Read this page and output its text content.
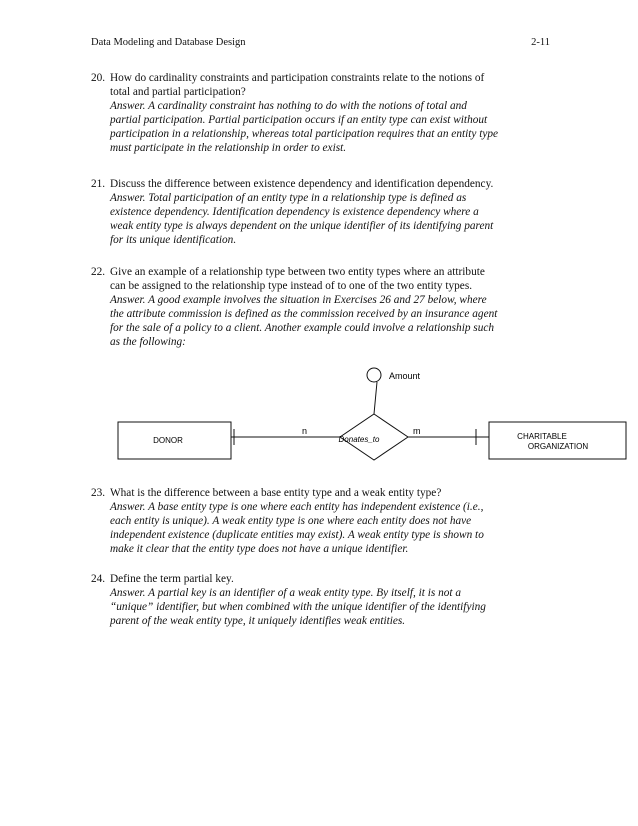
Data Modeling and Database Design	2-11
20. How do cardinality constraints and participation constraints relate to the notions of
total and partial participation?
Answer. A cardinality constraint has nothing to do with the notions of total and
partial participation. Partial participation occurs if an entity type can exist without
participation in a relationship, whereas total participation requires that an entity type
must participate in the relationship in order to exist.
21. Discuss the difference between existence dependency and identification dependency.
Answer. Total participation of an entity type in a relationship type is defined as
existence dependency. Identification dependency is existence dependency where a
weak entity type is always dependent on the unique identifier of its identifying parent
for its unique identification.
22. Give an example of a relationship type between two entity types where an attribute
can be assigned to the relationship type instead of to one of the two entity types.
Answer. A good example involves the situation in Exercises 26 and 27 below, where
the attribute commission is defined as the commission received by an insurance agent
for the sale of a policy to a client. Another example could involve a relationship such
as the following:
Amount
Donates_to
DONOR	CHARITABLE
ORGANIZATION
n	m
23. What is the difference between a base entity type and a weak entity type?
Answer. A base entity type is one where each entity has independent existence (i.e.,
each entity is unique). A weak entity type is one where each entity does not have
independent existence (duplicate entities may exist). A weak entity type is shown to
make it clear that the entity type does not have a unique identifier.
24. Define the term partial key.
Answer. A partial key is an identifier of a weak entity type. By itself, it is not a
“unique” identifier, but when combined with the unique identifier of the identifying
parent of the weak entity type, it uniquely identifies weak entities.
